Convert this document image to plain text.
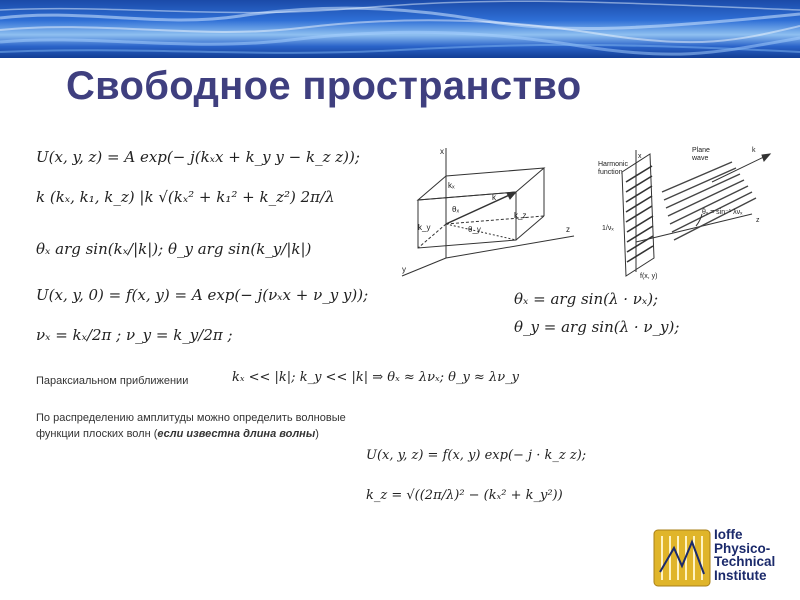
Свободное пространство
U(x, y, z) = A exp(− j(kₓx + k_y y − k_z z));
k (kₓ, k₁, k_z) |k √(kₓ² + k₁² + k_z²) 2π/λ
θₓ arg sin(kₓ/|k|); θ_y arg sin(k_y/|k|)
U(x, y, 0) = f(x, y) = A exp(− j(νₓx + ν_y y));
νₓ = kₓ/2π ; ν_y = k_y/2π ;
θₓ = arg sin(λ · νₓ);
θ_y = arg sin(λ · ν_y);
Параксиальном приближении	kₓ << |k|; k_y << |k| ⇒ θₓ ≈ λνₓ; θ_y ≈ λν_y
По распределению амплитуды можно определить волновые
функции плоских волн (если известна длина волны)
U(x, y, z) = f(x, y) exp(− j · k_z z);
k_z = √((2π/λ)² − (kₓ² + k_y²))
x
z
y
kₓ
k_y
k_z
k
θₓ
θ_y
Harmonic
function
Plane
wave
k
x
z
1/νₓ
f(x, y)
θₓ = sin⁻¹ λνₓ
Ioffe
Physico-
Technical
Institute
